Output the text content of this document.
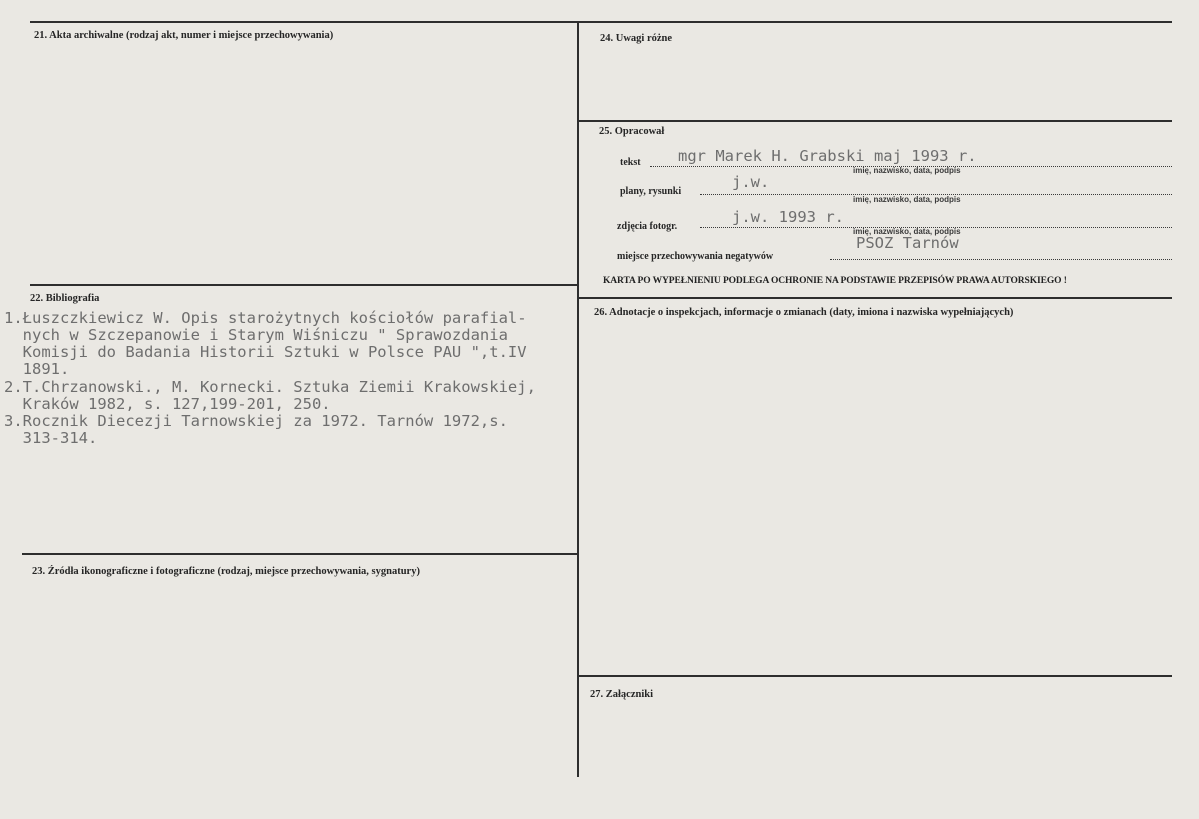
21. Akta archiwalne (rodzaj akt, numer i miejsce przechowywania)
22. Bibliografia
1.Łuszczkiewicz W. Opis starożytnych kościołów parafial-
nych w Szczepanowie i Starym Wiśniczu " Sprawozdania
Komisji do Badania Historii Sztuki w Polsce PAU ",t.IV
1891.
2.T.Chrzanowski., M. Kornecki. Sztuka Ziemii Krakowskiej,
Kraków 1982, s. 127,199-201, 250.
3.Rocznik Diecezji Tarnowskiej za 1972. Tarnów 1972,s.
313-314.
23. Źródła ikonograficzne i fotograficzne (rodzaj, miejsce przechowywania, sygnatury)
24. Uwagi różne
25. Opracował
tekst mgr Marek H. Grabski maj 1993 r.
imię, nazwisko, data, podpis
plany, rysunki
j.w.
imię, nazwisko, data, podpis
zdjęcia fotogr.
j.w. 1993 r.
imię, nazwisko, data, podpis
miejsce przechowywania negatywów
PSOZ Tarnów
KARTA PO WYPEŁNIENIU PODLEGA OCHRONIE NA PODSTAWIE PRZEPISÓW PRAWA AUTORSKIEGO !
26. Adnotacje o inspekcjach, informacje o zmianach (daty, imiona i nazwiska wypełniających)
27. Załączniki
